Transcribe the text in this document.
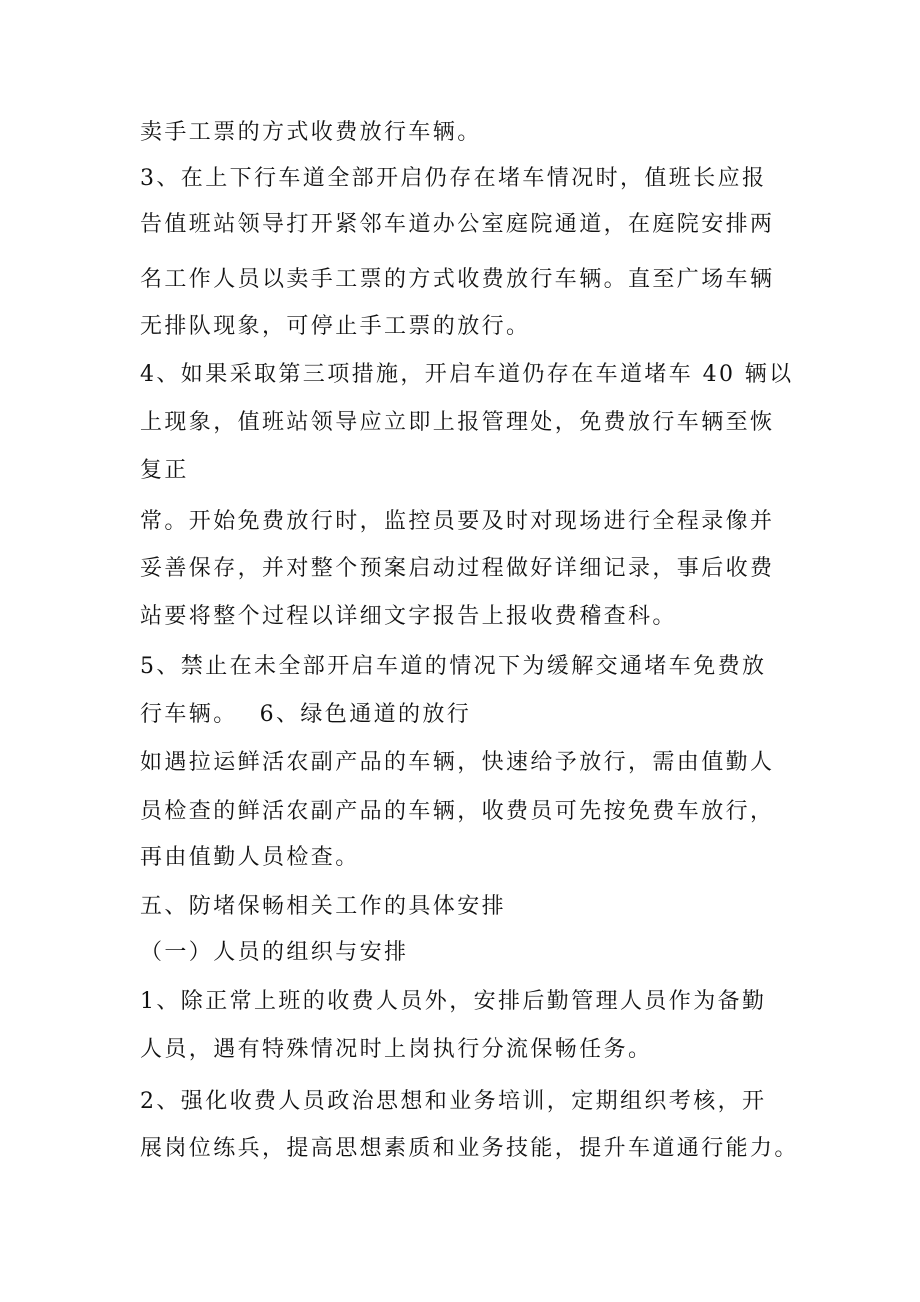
卖手工票的方式收费放行车辆。
3、在上下行车道全部开启仍存在堵车情况时，值班长应报
告值班站领导打开紧邻车道办公室庭院通道，在庭院安排两
名工作人员以卖手工票的方式收费放行车辆。直至广场车辆
无排队现象，可停止手工票的放行。
4、如果采取第三项措施，开启车道仍存在车道堵车 40 辆以
上现象，值班站领导应立即上报管理处，免费放行车辆至恢
复正
常。开始免费放行时，监控员要及时对现场进行全程录像并
妥善保存，并对整个预案启动过程做好详细记录，事后收费
站要将整个过程以详细文字报告上报收费稽查科。
5、禁止在未全部开启车道的情况下为缓解交通堵车免费放
行车辆。 6、绿色通道的放行
如遇拉运鲜活农副产品的车辆，快速给予放行，需由值勤人
员检查的鲜活农副产品的车辆，收费员可先按免费车放行，
再由值勤人员检查。
五、防堵保畅相关工作的具体安排
（一）人员的组织与安排
1、除正常上班的收费人员外，安排后勤管理人员作为备勤
人员，遇有特殊情况时上岗执行分流保畅任务。
2、强化收费人员政治思想和业务培训，定期组织考核，开
展岗位练兵，提高思想素质和业务技能，提升车道通行能力。
